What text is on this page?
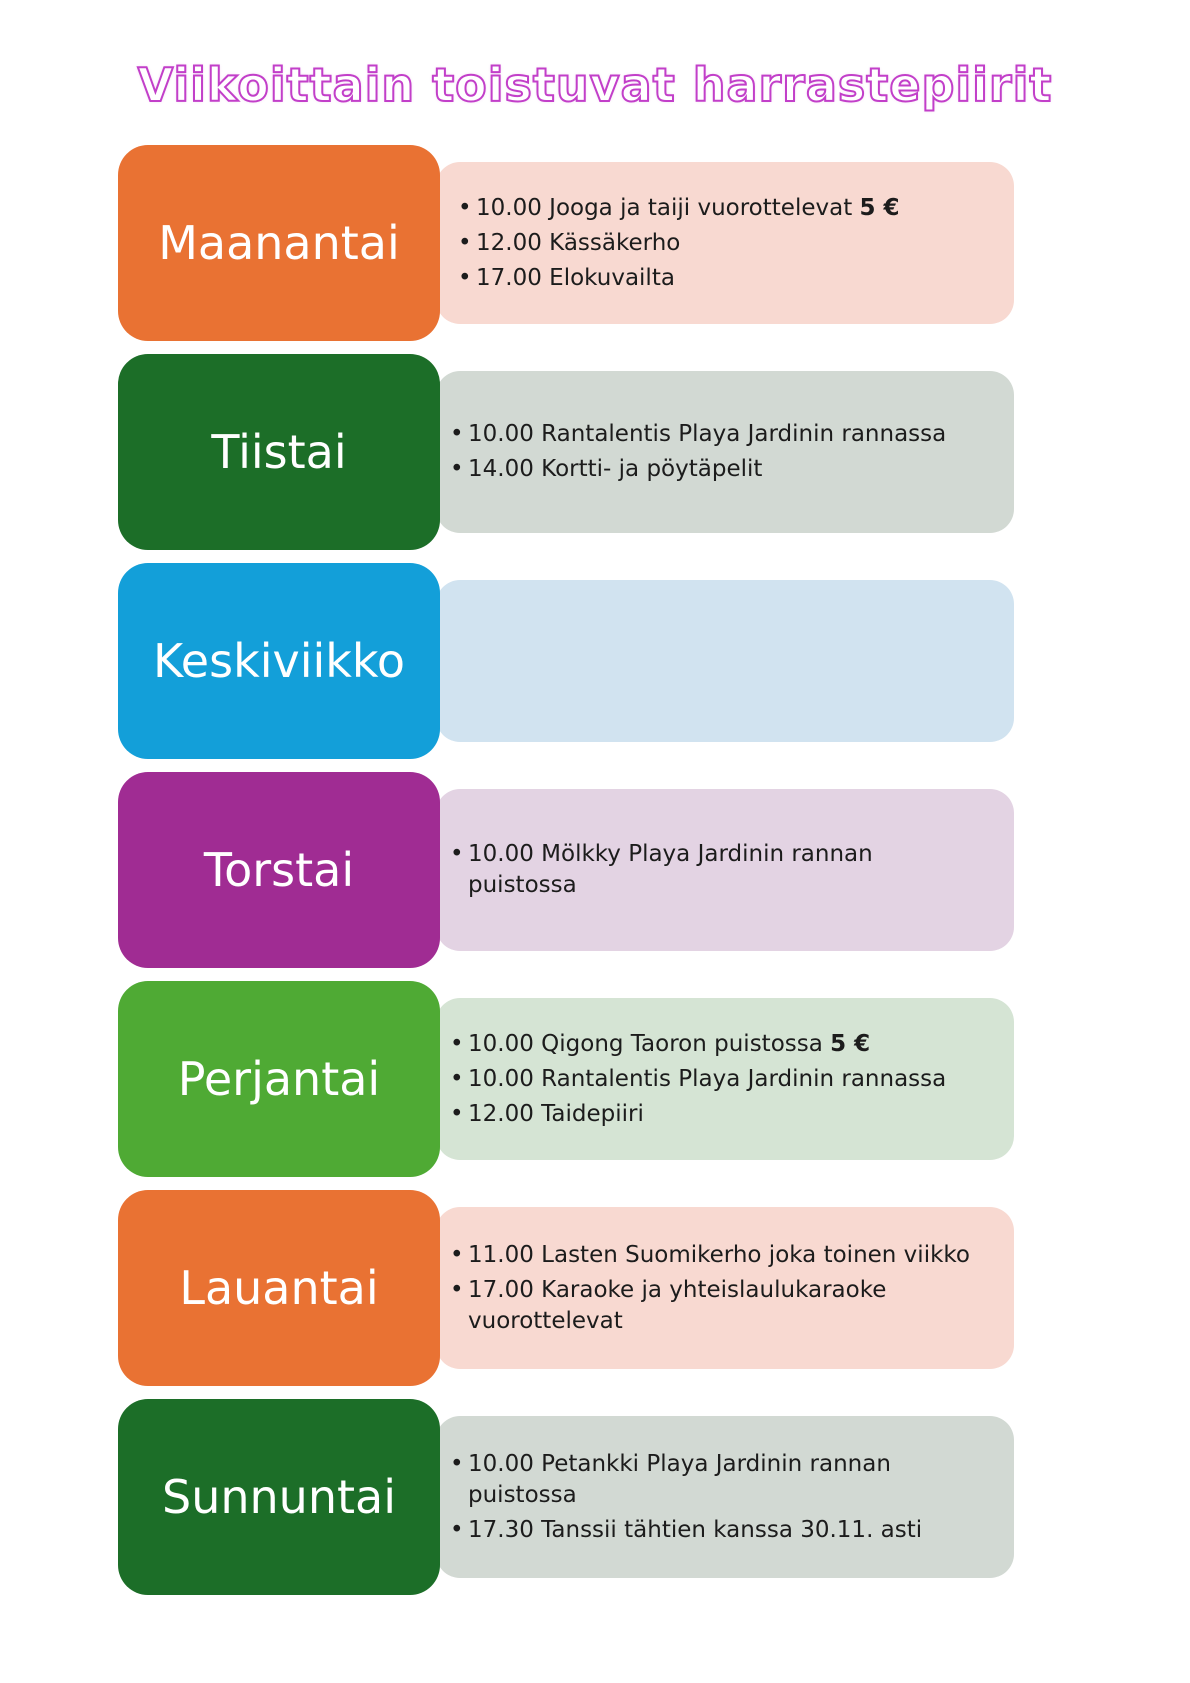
Viikoittain toistuvat harrastepiirit
Maanantai
• 10.00 Jooga ja taiji vuorottelevat 5 €
• 12.00 Kässäkerho
• 17.00 Elokuvailta
Tiistai	• 10.00 Rantalentis Playa Jardinin rannassa
• 14.00 Kortti- ja pöytäpelit
Keskiviikko
Torstai	• 10.00 Mölkky Playa Jardinin rannan puistossa
Perjantai
• 10.00 Qigong Taoron puistossa 5 €
• 10.00 Rantalentis Playa Jardinin rannassa
• 12.00 Taidepiiri
Lauantai
• 11.00 Lasten Suomikerho joka toinen viikko
• 17.00 Karaoke ja yhteislaulukaraoke vuorottelevat
Sunnuntai
• 10.00 Petankki Playa Jardinin rannan puistossa
• 17.30 Tanssii tähtien kanssa 30.11. asti
